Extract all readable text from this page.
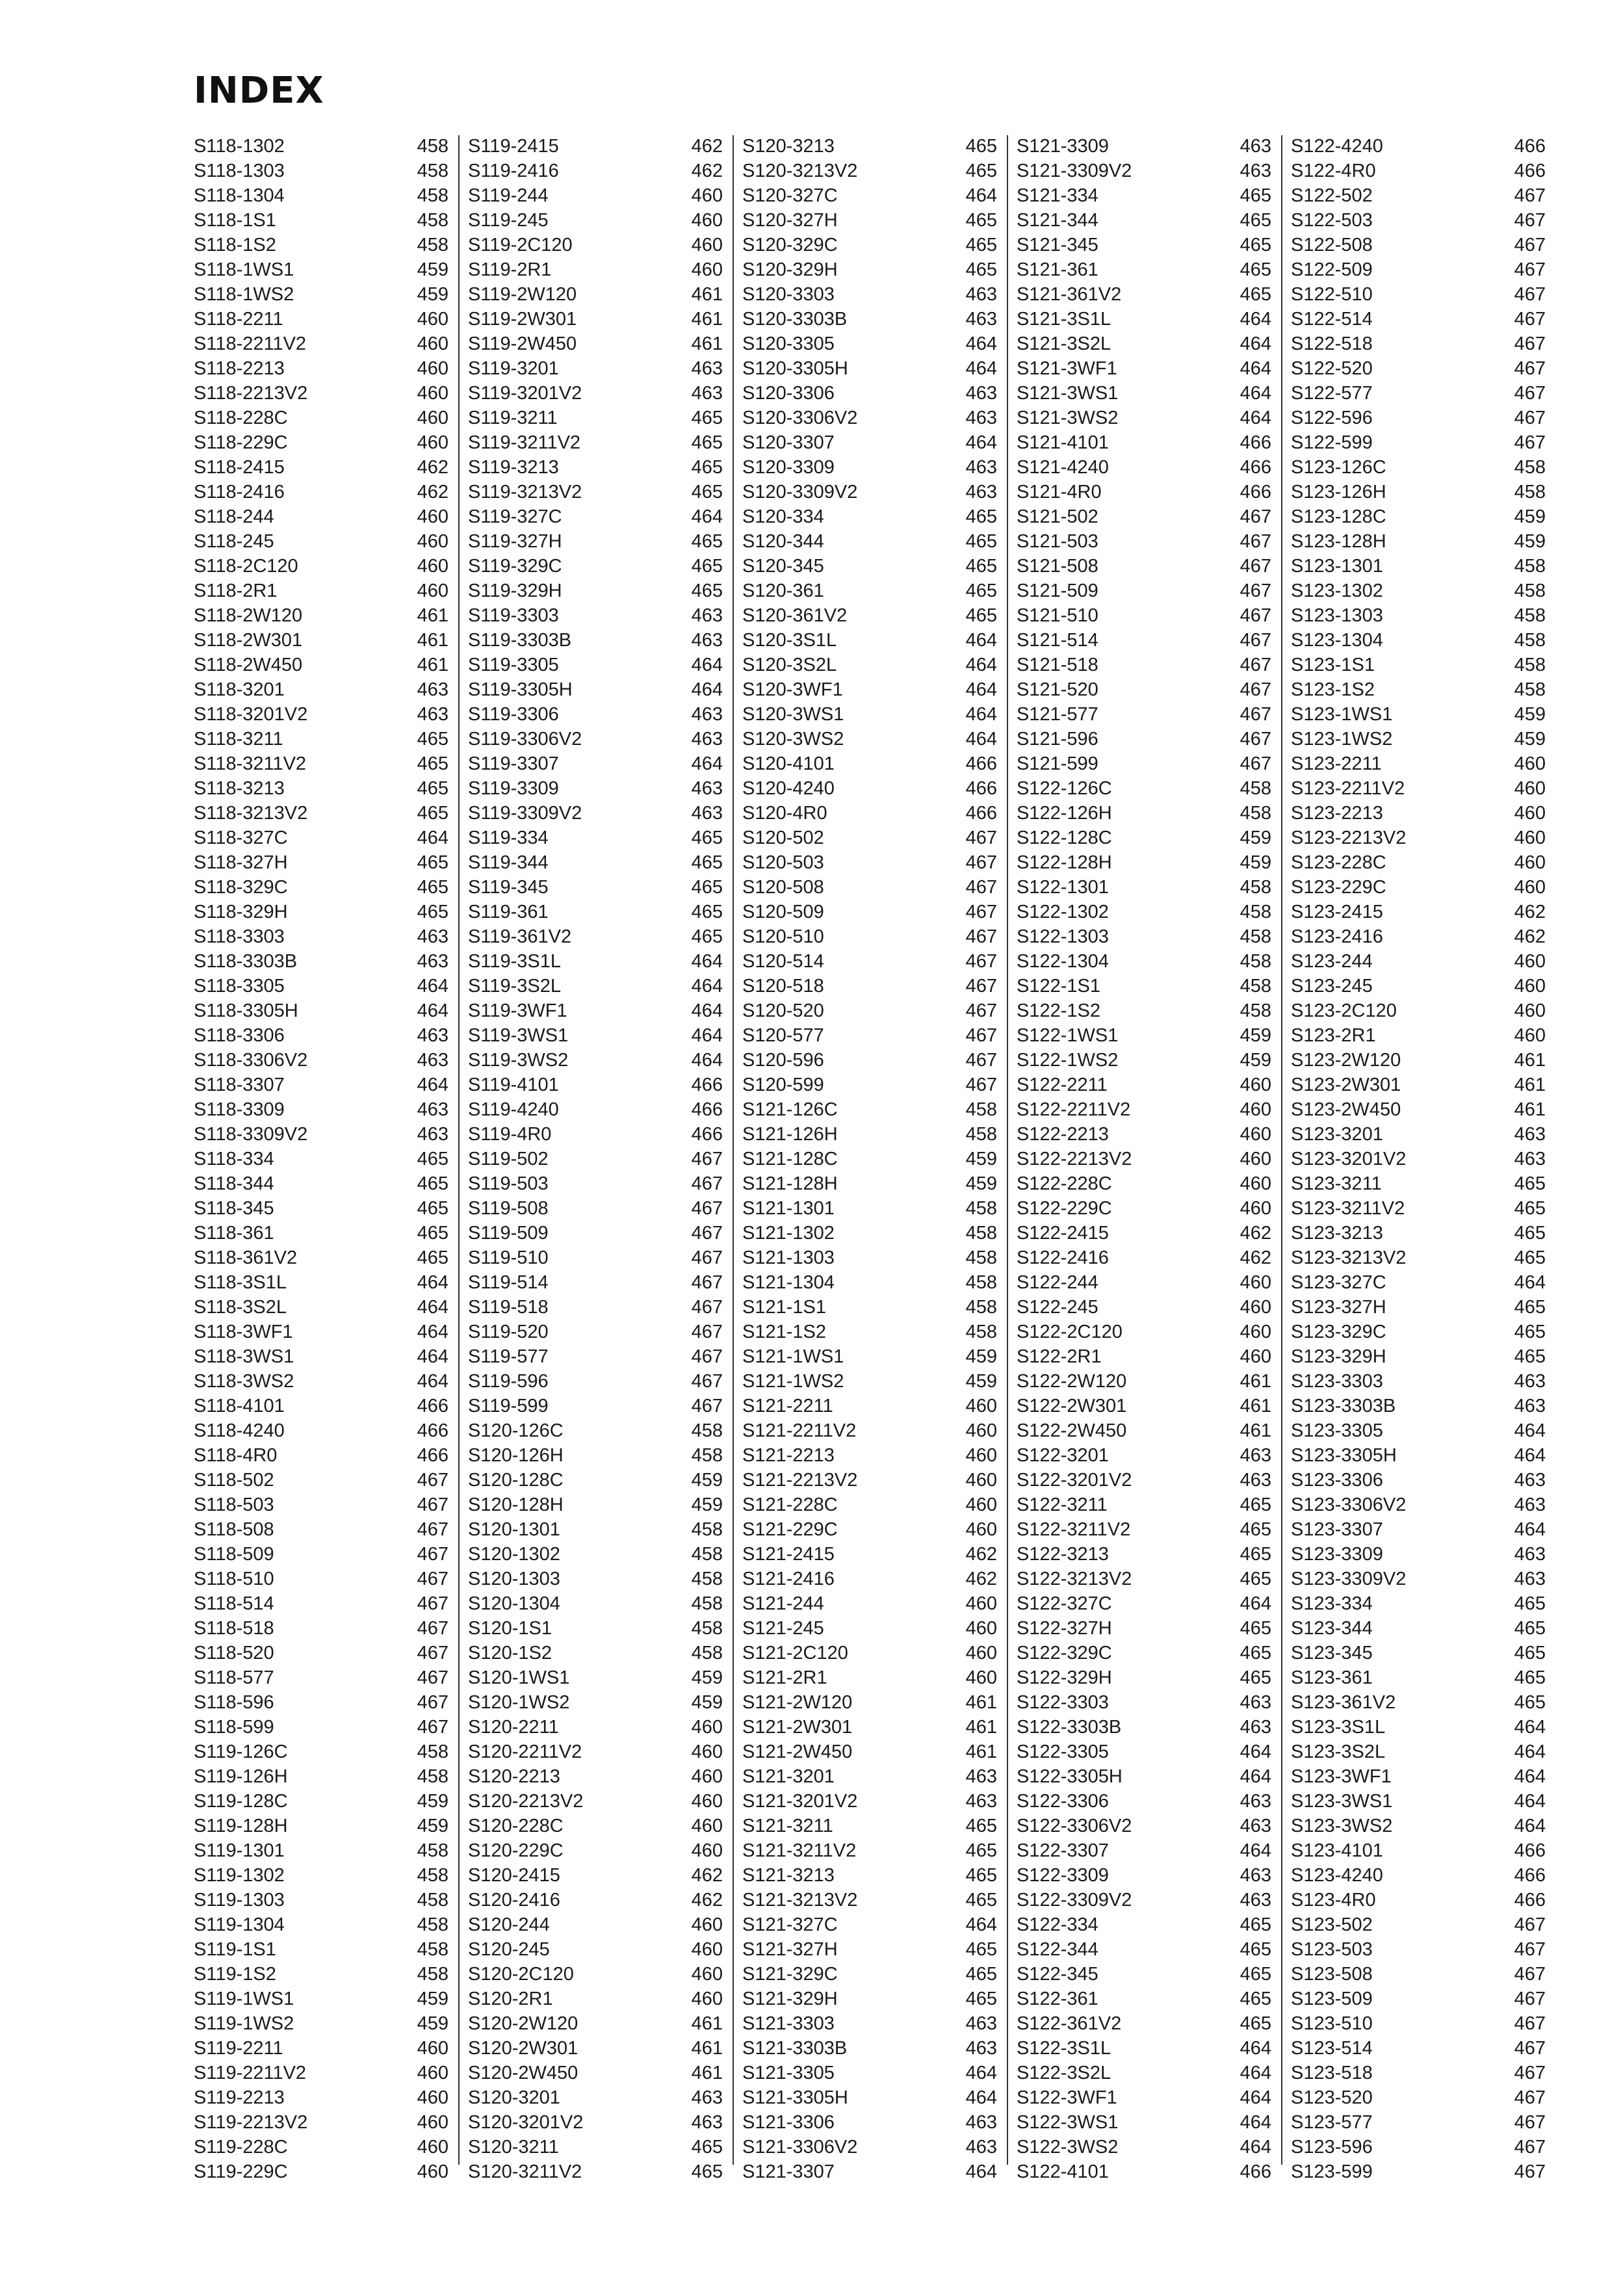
INDEX
S118-1302	458
S118-1303	458
S118-1304	458
S118-1S1	458
S118-1S2	458
S118-1WS1	459
S118-1WS2	459
S118-2211	460
S118-2211V2	460
S118-2213	460
S118-2213V2	460
S118-228C	460
S118-229C	460
S118-2415	462
S118-2416	462
S118-244	460
S118-245	460
S118-2C120	460
S118-2R1	460
S118-2W120	461
S118-2W301	461
S118-2W450	461
S118-3201	463
S118-3201V2	463
S118-3211	465
S118-3211V2	465
S118-3213	465
S118-3213V2	465
S118-327C	464
S118-327H	465
S118-329C	465
S118-329H	465
S118-3303	463
S118-3303B	463
S118-3305	464
S118-3305H	464
S118-3306	463
S118-3306V2	463
S118-3307	464
S118-3309	463
S118-3309V2	463
S118-334	465
S118-344	465
S118-345	465
S118-361	465
S118-361V2	465
S118-3S1L	464
S118-3S2L	464
S118-3WF1	464
S118-3WS1	464
S118-3WS2	464
S118-4101	466
S118-4240	466
S118-4R0	466
S118-502	467
S118-503	467
S118-508	467
S118-509	467
S118-510	467
S118-514	467
S118-518	467
S118-520	467
S118-577	467
S118-596	467
S118-599	467
S119-126C	458
S119-126H	458
S119-128C	459
S119-128H	459
S119-1301	458
S119-1302	458
S119-1303	458
S119-1304	458
S119-1S1	458
S119-1S2	458
S119-1WS1	459
S119-1WS2	459
S119-2211	460
S119-2211V2	460
S119-2213	460
S119-2213V2	460
S119-228C	460
S119-229C	460
S119-2415	462
S119-2416	462
S119-244	460
S119-245	460
S119-2C120	460
S119-2R1	460
S119-2W120	461
S119-2W301	461
S119-2W450	461
S119-3201	463
S119-3201V2	463
S119-3211	465
S119-3211V2	465
S119-3213	465
S119-3213V2	465
S119-327C	464
S119-327H	465
S119-329C	465
S119-329H	465
S119-3303	463
S119-3303B	463
S119-3305	464
S119-3305H	464
S119-3306	463
S119-3306V2	463
S119-3307	464
S119-3309	463
S119-3309V2	463
S119-334	465
S119-344	465
S119-345	465
S119-361	465
S119-361V2	465
S119-3S1L	464
S119-3S2L	464
S119-3WF1	464
S119-3WS1	464
S119-3WS2	464
S119-4101	466
S119-4240	466
S119-4R0	466
S119-502	467
S119-503	467
S119-508	467
S119-509	467
S119-510	467
S119-514	467
S119-518	467
S119-520	467
S119-577	467
S119-596	467
S119-599	467
S120-126C	458
S120-126H	458
S120-128C	459
S120-128H	459
S120-1301	458
S120-1302	458
S120-1303	458
S120-1304	458
S120-1S1	458
S120-1S2	458
S120-1WS1	459
S120-1WS2	459
S120-2211	460
S120-2211V2	460
S120-2213	460
S120-2213V2	460
S120-228C	460
S120-229C	460
S120-2415	462
S120-2416	462
S120-244	460
S120-245	460
S120-2C120	460
S120-2R1	460
S120-2W120	461
S120-2W301	461
S120-2W450	461
S120-3201	463
S120-3201V2	463
S120-3211	465
S120-3211V2	465
S120-3213	465
S120-3213V2	465
S120-327C	464
S120-327H	465
S120-329C	465
S120-329H	465
S120-3303	463
S120-3303B	463
S120-3305	464
S120-3305H	464
S120-3306	463
S120-3306V2	463
S120-3307	464
S120-3309	463
S120-3309V2	463
S120-334	465
S120-344	465
S120-345	465
S120-361	465
S120-361V2	465
S120-3S1L	464
S120-3S2L	464
S120-3WF1	464
S120-3WS1	464
S120-3WS2	464
S120-4101	466
S120-4240	466
S120-4R0	466
S120-502	467
S120-503	467
S120-508	467
S120-509	467
S120-510	467
S120-514	467
S120-518	467
S120-520	467
S120-577	467
S120-596	467
S120-599	467
S121-126C	458
S121-126H	458
S121-128C	459
S121-128H	459
S121-1301	458
S121-1302	458
S121-1303	458
S121-1304	458
S121-1S1	458
S121-1S2	458
S121-1WS1	459
S121-1WS2	459
S121-2211	460
S121-2211V2	460
S121-2213	460
S121-2213V2	460
S121-228C	460
S121-229C	460
S121-2415	462
S121-2416	462
S121-244	460
S121-245	460
S121-2C120	460
S121-2R1	460
S121-2W120	461
S121-2W301	461
S121-2W450	461
S121-3201	463
S121-3201V2	463
S121-3211	465
S121-3211V2	465
S121-3213	465
S121-3213V2	465
S121-327C	464
S121-327H	465
S121-329C	465
S121-329H	465
S121-3303	463
S121-3303B	463
S121-3305	464
S121-3305H	464
S121-3306	463
S121-3306V2	463
S121-3307	464
S121-3309	463
S121-3309V2	463
S121-334	465
S121-344	465
S121-345	465
S121-361	465
S121-361V2	465
S121-3S1L	464
S121-3S2L	464
S121-3WF1	464
S121-3WS1	464
S121-3WS2	464
S121-4101	466
S121-4240	466
S121-4R0	466
S121-502	467
S121-503	467
S121-508	467
S121-509	467
S121-510	467
S121-514	467
S121-518	467
S121-520	467
S121-577	467
S121-596	467
S121-599	467
S122-126C	458
S122-126H	458
S122-128C	459
S122-128H	459
S122-1301	458
S122-1302	458
S122-1303	458
S122-1304	458
S122-1S1	458
S122-1S2	458
S122-1WS1	459
S122-1WS2	459
S122-2211	460
S122-2211V2	460
S122-2213	460
S122-2213V2	460
S122-228C	460
S122-229C	460
S122-2415	462
S122-2416	462
S122-244	460
S122-245	460
S122-2C120	460
S122-2R1	460
S122-2W120	461
S122-2W301	461
S122-2W450	461
S122-3201	463
S122-3201V2	463
S122-3211	465
S122-3211V2	465
S122-3213	465
S122-3213V2	465
S122-327C	464
S122-327H	465
S122-329C	465
S122-329H	465
S122-3303	463
S122-3303B	463
S122-3305	464
S122-3305H	464
S122-3306	463
S122-3306V2	463
S122-3307	464
S122-3309	463
S122-3309V2	463
S122-334	465
S122-344	465
S122-345	465
S122-361	465
S122-361V2	465
S122-3S1L	464
S122-3S2L	464
S122-3WF1	464
S122-3WS1	464
S122-3WS2	464
S122-4101	466
S122-4240	466
S122-4R0	466
S122-502	467
S122-503	467
S122-508	467
S122-509	467
S122-510	467
S122-514	467
S122-518	467
S122-520	467
S122-577	467
S122-596	467
S122-599	467
S123-126C	458
S123-126H	458
S123-128C	459
S123-128H	459
S123-1301	458
S123-1302	458
S123-1303	458
S123-1304	458
S123-1S1	458
S123-1S2	458
S123-1WS1	459
S123-1WS2	459
S123-2211	460
S123-2211V2	460
S123-2213	460
S123-2213V2	460
S123-228C	460
S123-229C	460
S123-2415	462
S123-2416	462
S123-244	460
S123-245	460
S123-2C120	460
S123-2R1	460
S123-2W120	461
S123-2W301	461
S123-2W450	461
S123-3201	463
S123-3201V2	463
S123-3211	465
S123-3211V2	465
S123-3213	465
S123-3213V2	465
S123-327C	464
S123-327H	465
S123-329C	465
S123-329H	465
S123-3303	463
S123-3303B	463
S123-3305	464
S123-3305H	464
S123-3306	463
S123-3306V2	463
S123-3307	464
S123-3309	463
S123-3309V2	463
S123-334	465
S123-344	465
S123-345	465
S123-361	465
S123-361V2	465
S123-3S1L	464
S123-3S2L	464
S123-3WF1	464
S123-3WS1	464
S123-3WS2	464
S123-4101	466
S123-4240	466
S123-4R0	466
S123-502	467
S123-503	467
S123-508	467
S123-509	467
S123-510	467
S123-514	467
S123-518	467
S123-520	467
S123-577	467
S123-596	467
S123-599	467
